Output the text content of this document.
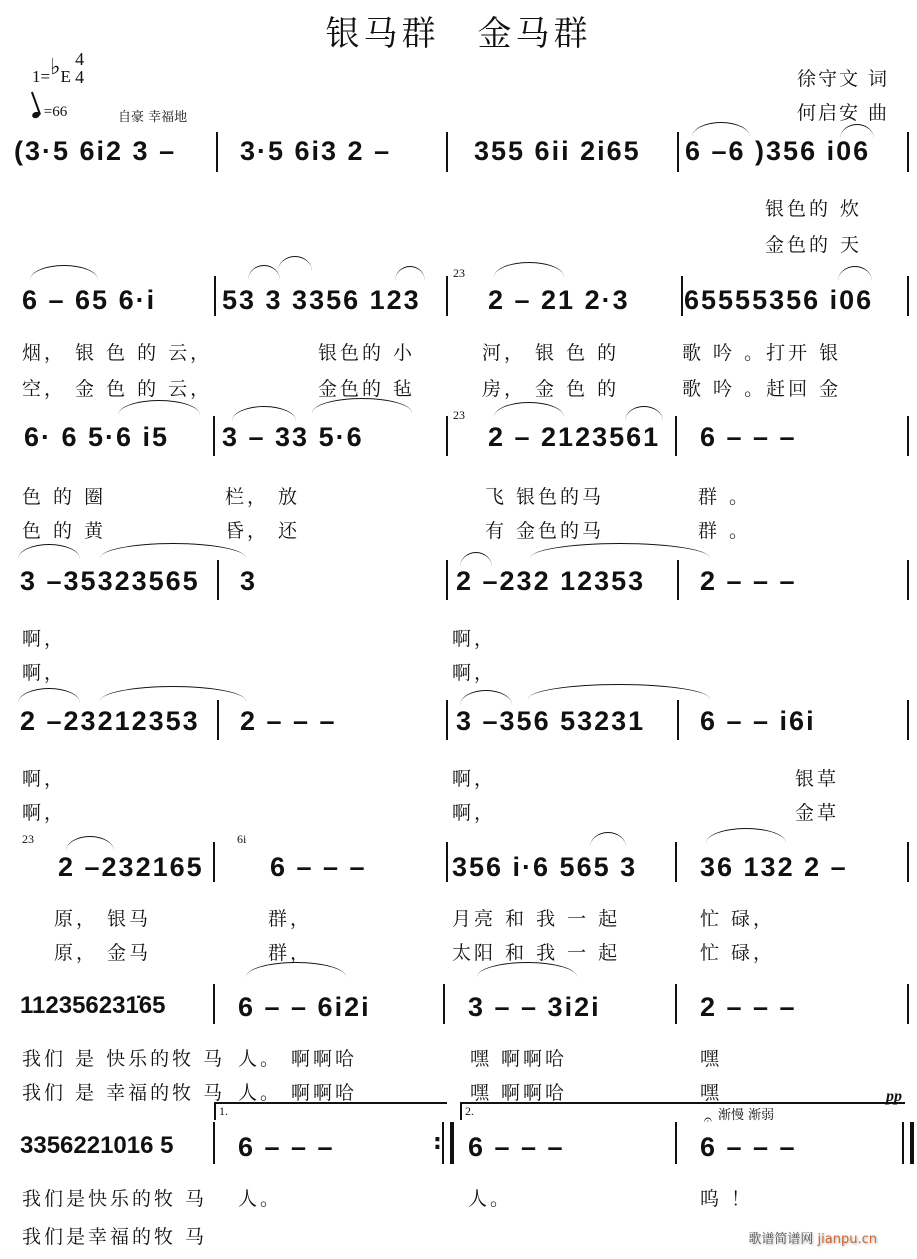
银马群　金马群
1=♭E
4
4
=66	自豪 幸福地
徐守文 词
何启安 曲
(3·5 6i2 3 – 3·5 6i3 2 –	355 6ii 2i65 6 –6 )356 i06
银色的 炊
金色的 天
6 – 65 6·i 53 3 3356 123
23
2 – 21 2·3 65555356 i06
烟， 银 色 的 云，	银色的 小	河， 银 色 的	歌 吟 。打开 银
空， 金 色 的 云，	金色的 毡	房， 金 色 的	歌 吟 。赶回 金
6· 6 5·6 i5 3 – 33 5·6
23
2 – 2123561 6 – – –
色 的 圈	栏， 放	飞 银色的马	群 。
色 的 黄	昏， 还	有 金色的马	群 。
3 –35323565 3	2 –232 12353 2 – – –
啊，	啊，
啊，	啊，
2 –23212353 2 – – –	3 –356 53231 6 – – i6i
啊，	啊，	银草
啊，	啊，	金草
23
2 –232165
6i
6 – – –	356 i·6 565 3 36 132 2 –
原， 银马	群，	月亮 和 我 一 起	忙 碌，
原， 金马	群，	太阳 和 我 一 起	忙 碌，
112356231̇65	6 – – 6i2i	3 – – 3i2i	2 – – –
我们 是 快乐的牧 马 人。 啊啊哈	嘿 啊啊哈	嘿
我们 是 幸福的牧 马 人。 啊啊哈	嘿 啊啊哈	嘿
1.	2.	渐慢 渐弱
pp
𝄐
3356221016 5 6 – – –	: 6 – – –	6 – – –
我们是快乐的牧 马 人。	人。	呜 ！
我们是幸福的牧 马	歌谱简谱网 jianpu.cn
